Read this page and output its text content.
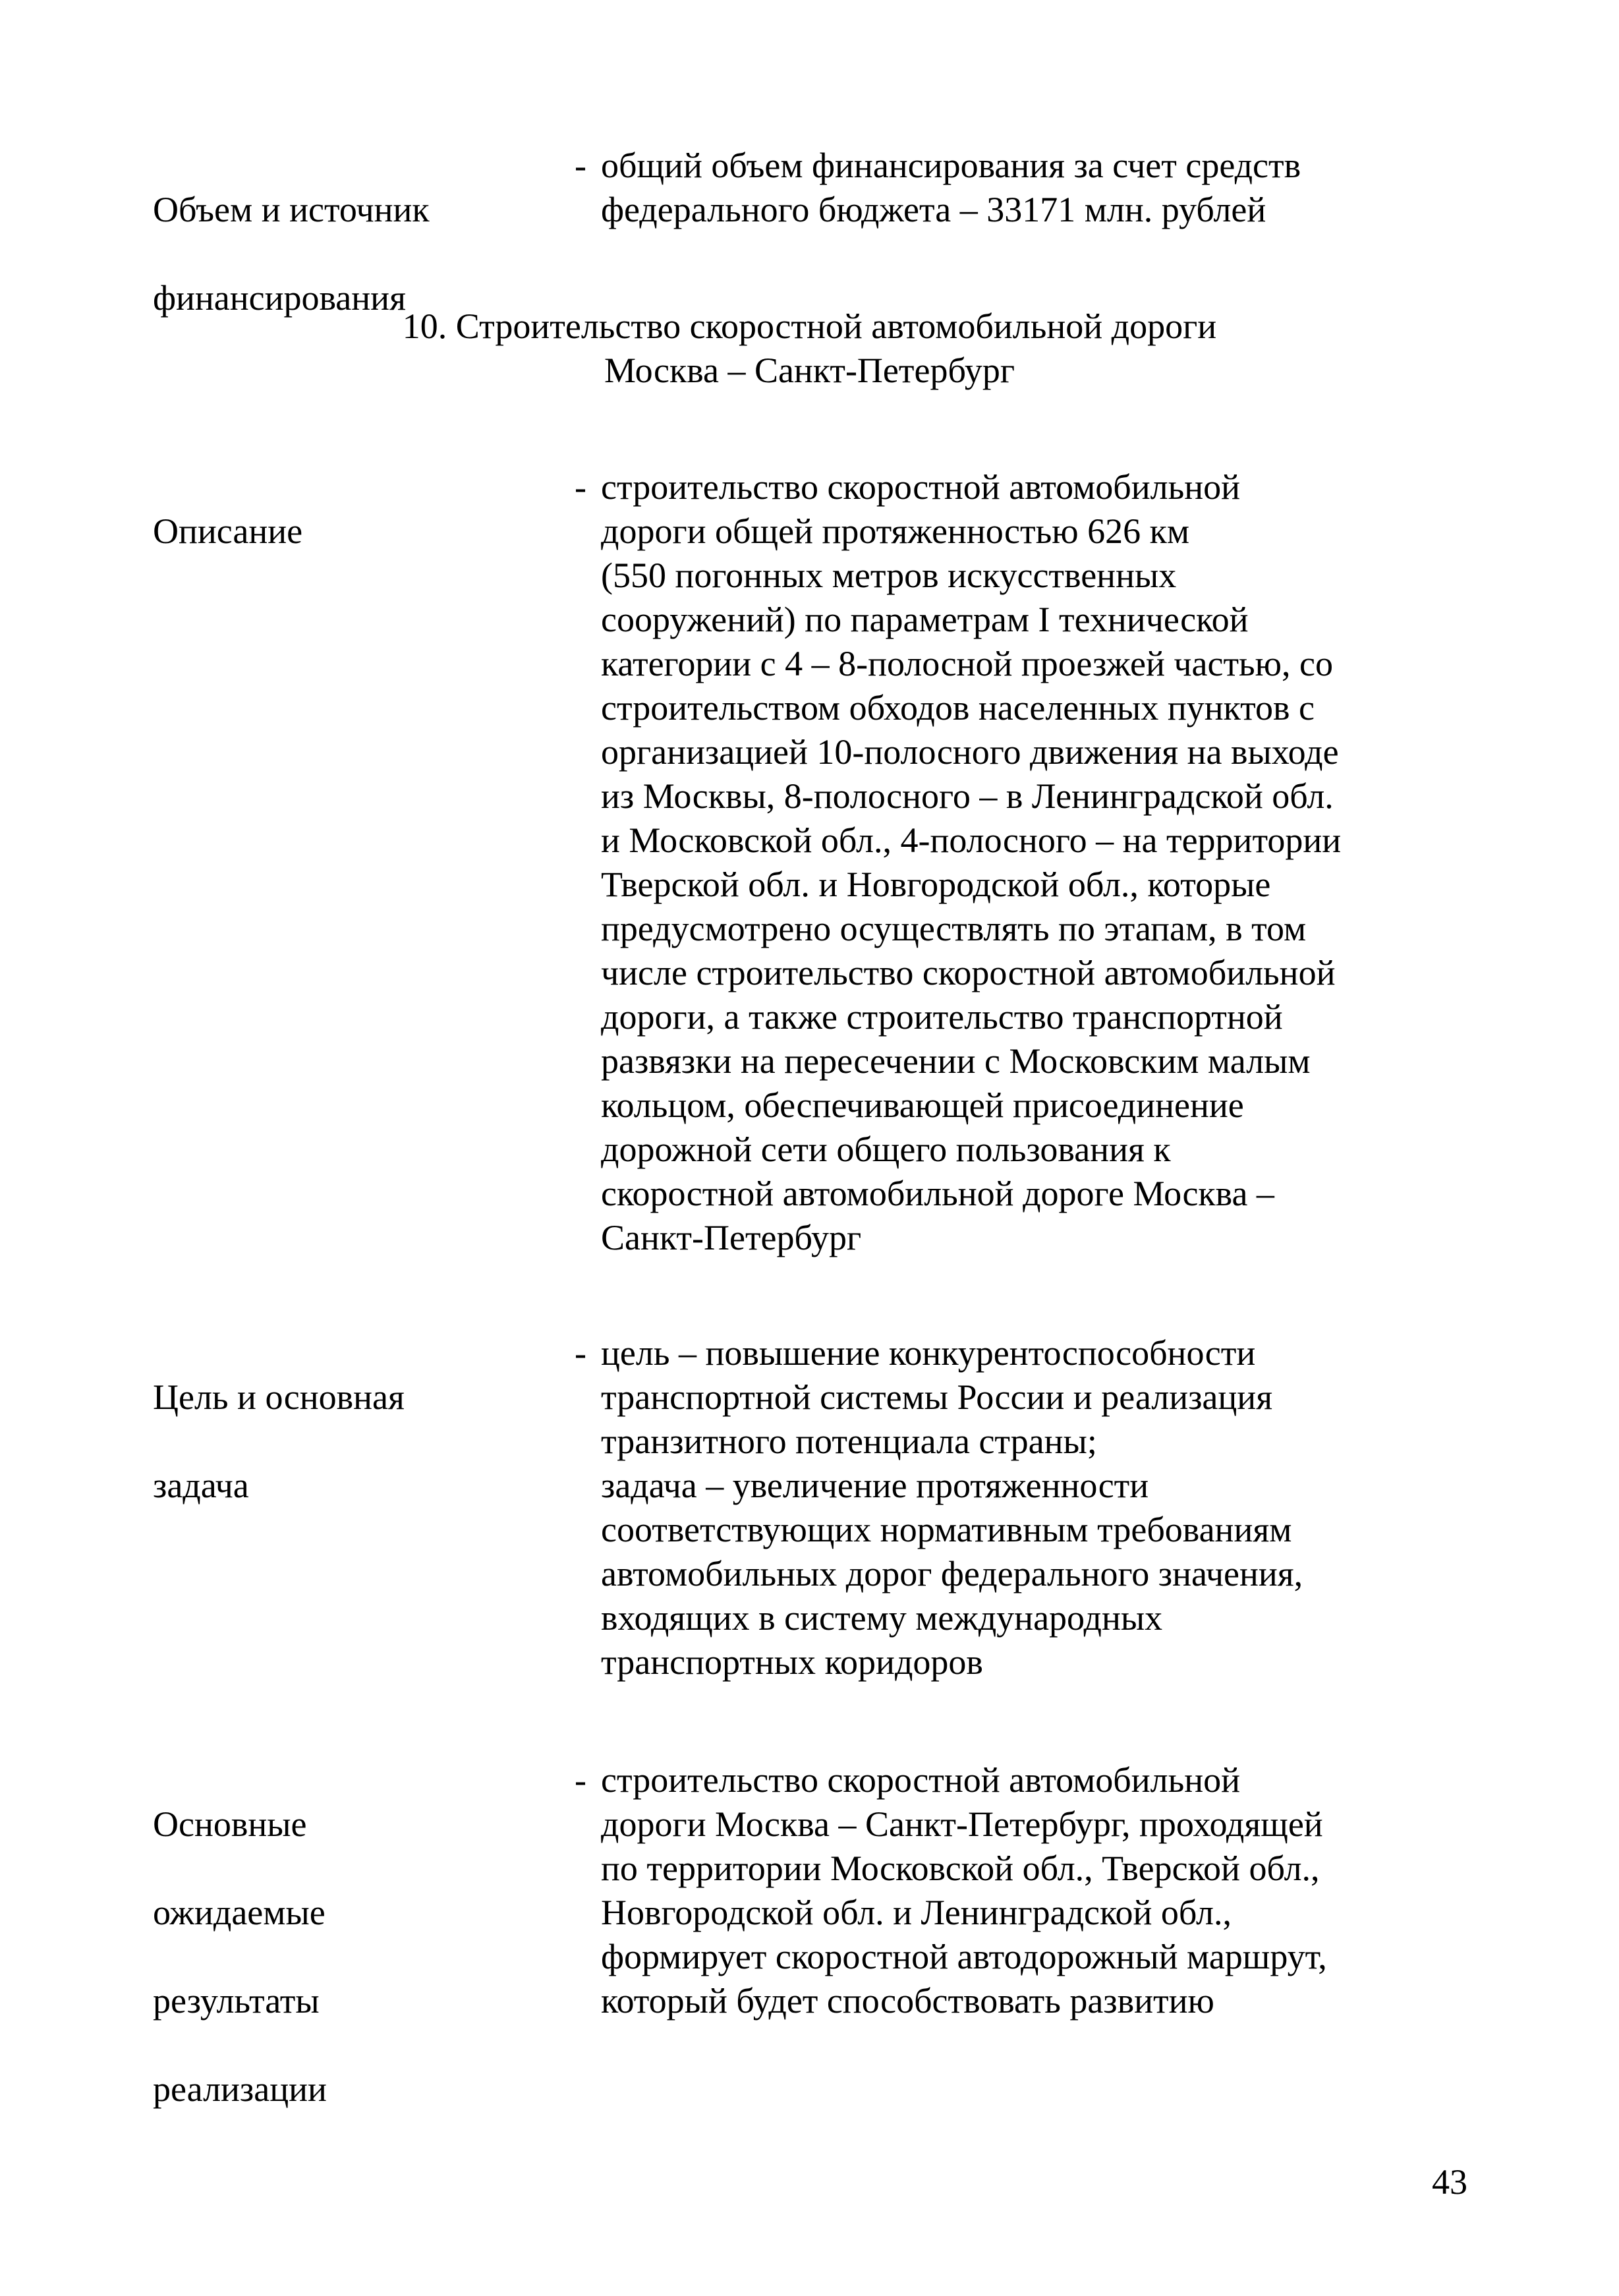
Объем и источник

финансирования

- общий объем финансирования за счет средств
федерального бюджета – 33171 млн. рублей
10. Строительство скоростной автомобильной дороги
Москва – Санкт-Петербург

Описание

- строительство скоростной автомобильной
дороги общей протяженностью 626 км
(550 погонных метров искусственных
сооружений) по параметрам I технической
категории с 4 – 8-полосной проезжей частью, со
строительством обходов населенных пунктов с
организацией 10-полосного движения на выходе
из Москвы, 8-полосного – в Ленинградской обл.
и Московской обл., 4-полосного – на территории
Тверской обл. и Новгородской обл., которые
предусмотрено осуществлять по этапам, в том
числе строительство скоростной автомобильной
дороги, а также строительство транспортной
развязки на пересечении с Московским малым
кольцом, обеспечивающей присоединение
дорожной сети общего пользования к
скоростной автомобильной дороге Москва –
Санкт-Петербург

Цель и основная

задача

- цель – повышение конкурентоспособности
транспортной системы России и реализация
транзитного потенциала страны;
задача – увеличение протяженности
соответствующих нормативным требованиям
автомобильных дорог федерального значения,
входящих в систему международных
транспортных коридоров

Основные

ожидаемые

результаты

реализации

- строительство скоростной автомобильной
дороги Москва – Санкт-Петербург, проходящей
по территории Московской обл., Тверской обл.,
Новгородской обл. и Ленинградской обл.,
формирует скоростной автодорожный маршрут,
который будет способствовать развитию
43
